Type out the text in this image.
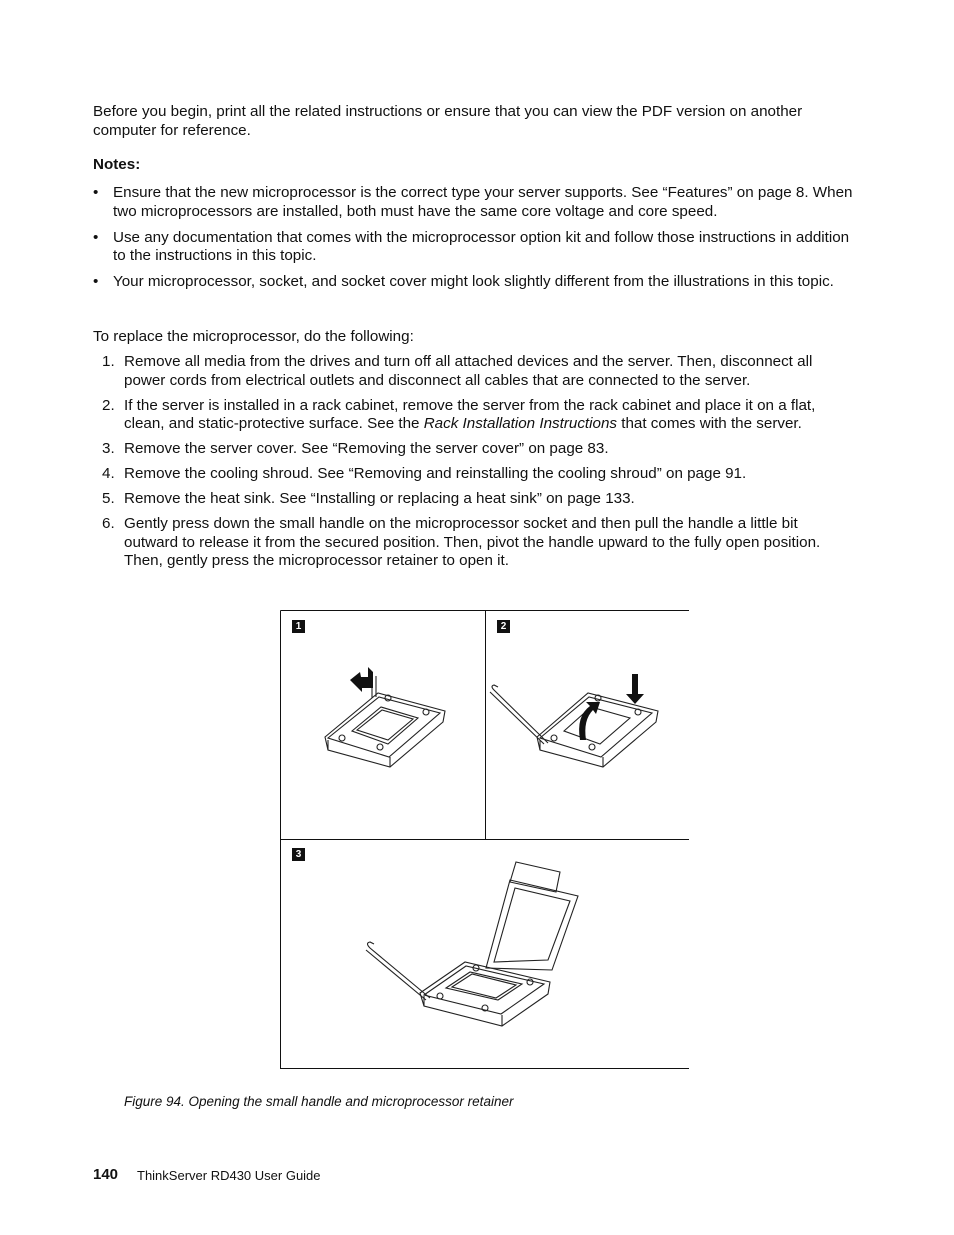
Before you begin, print all the related instructions or ensure that you can view the PDF version on another computer for reference.
Notes:
• Ensure that the new microprocessor is the correct type your server supports. See “Features” on page 8. When two microprocessors are installed, both must have the same core voltage and core speed.
• Use any documentation that comes with the microprocessor option kit and follow those instructions in addition to the instructions in this topic.
• Your microprocessor, socket, and socket cover might look slightly different from the illustrations in this topic.
To replace the microprocessor, do the following:
1. Remove all media from the drives and turn off all attached devices and the server. Then, disconnect all power cords from electrical outlets and disconnect all cables that are connected to the server.
2. If the server is installed in a rack cabinet, remove the server from the rack cabinet and place it on a flat, clean, and static-protective surface. See the Rack Installation Instructions that comes with the server.
3. Remove the server cover. See “Removing the server cover” on page 83.
4. Remove the cooling shroud. See “Removing and reinstalling the cooling shroud” on page 91.
5. Remove the heat sink. See “Installing or replacing a heat sink” on page 133.
6. Gently press down the small handle on the microprocessor socket and then pull the handle a little bit outward to release it from the secured position. Then, pivot the handle upward to the fully open position. Then, gently press the microprocessor retainer to open it.
1	2
3
Figure 94. Opening the small handle and microprocessor retainer
140 ThinkServer RD430 User Guide
